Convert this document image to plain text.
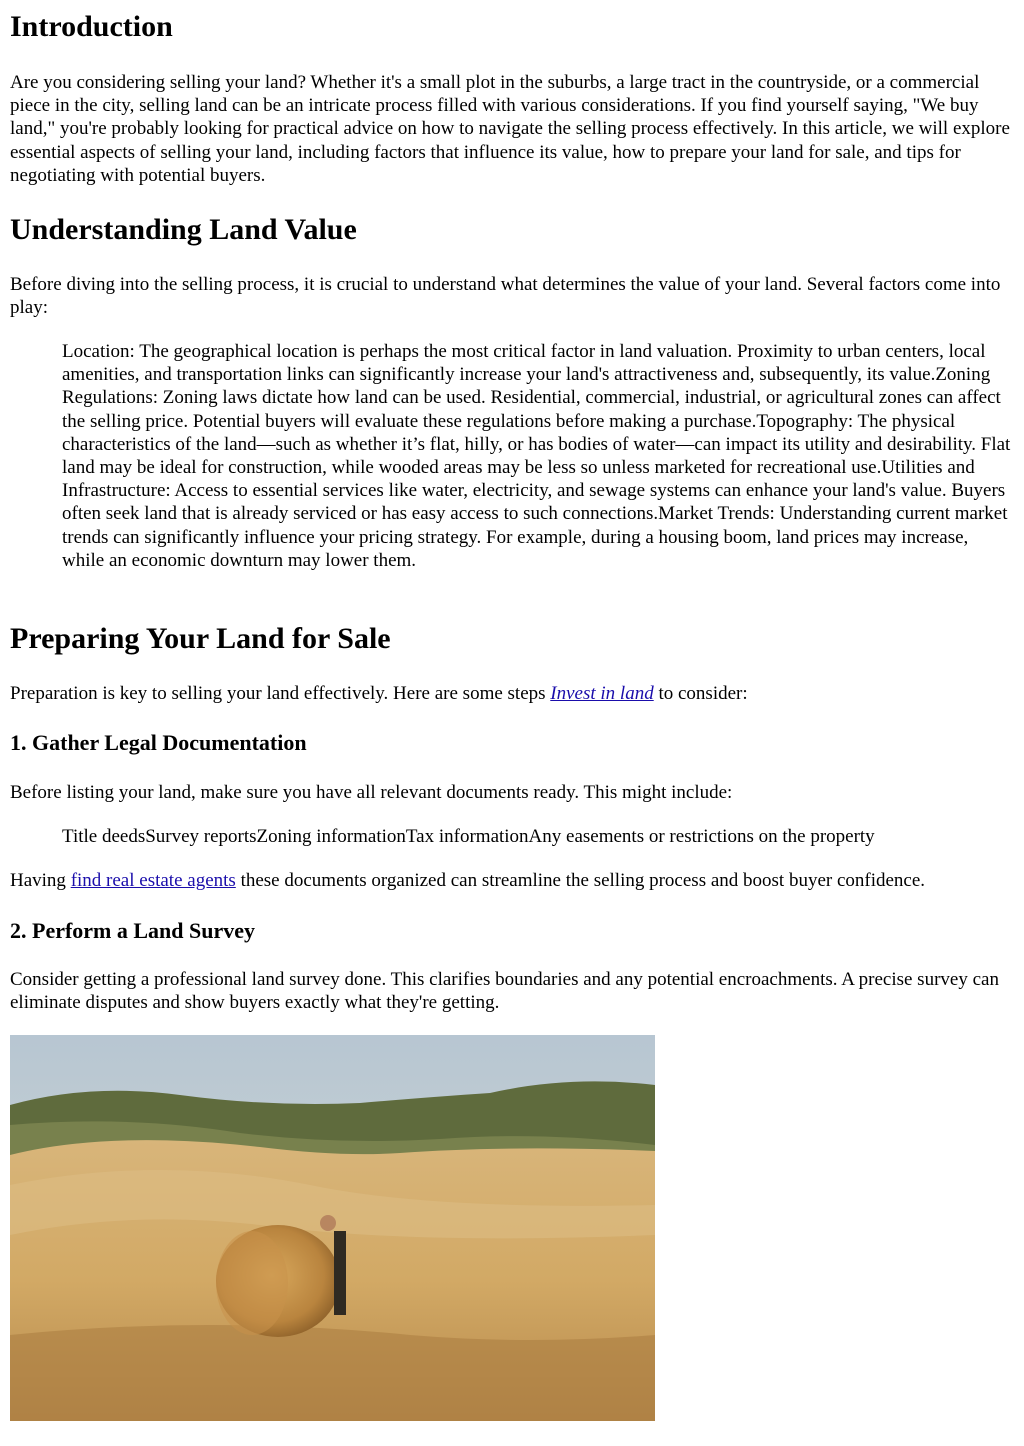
Introduction

Are you considering selling your land? Whether it's a small plot in the suburbs, a large tract in the countryside, or a commercial piece in the city, selling land can be an intricate process filled with various considerations. If you find yourself saying, "We buy land," you're probably looking for practical advice on how to navigate the selling process effectively. In this article, we will explore essential aspects of selling your land, including factors that influence its value, how to prepare your land for sale, and tips for negotiating with potential buyers.

Understanding Land Value

Before diving into the selling process, it is crucial to understand what determines the value of your land. Several factors come into play:

Location: The geographical location is perhaps the most critical factor in land valuation. Proximity to urban centers, local amenities, and transportation links can significantly increase your land's attractiveness and, subsequently, its value.Zoning Regulations: Zoning laws dictate how land can be used. Residential, commercial, industrial, or agricultural zones can affect the selling price. Potential buyers will evaluate these regulations before making a purchase.Topography: The physical characteristics of the land—such as whether it’s flat, hilly, or has bodies of water—can impact its utility and desirability. Flat land may be ideal for construction, while wooded areas may be less so unless marketed for recreational use.Utilities and Infrastructure: Access to essential services like water, electricity, and sewage systems can enhance your land's value. Buyers often seek land that is already serviced or has easy access to such connections.Market Trends: Understanding current market trends can significantly influence your pricing strategy. For example, during a housing boom, land prices may increase, while an economic downturn may lower them.
Preparing Your Land for Sale

Preparation is key to selling your land effectively. Here are some steps Invest in land to consider:

1. Gather Legal Documentation

Before listing your land, make sure you have all relevant documents ready. This might include:

Title deedsSurvey reportsZoning informationTax informationAny easements or restrictions on the property

Having find real estate agents these documents organized can streamline the selling process and boost buyer confidence.

2. Perform a Land Survey

Consider getting a professional land survey done. This clarifies boundaries and any potential encroachments. A precise survey can eliminate disputes and show buyers exactly what they're getting.
